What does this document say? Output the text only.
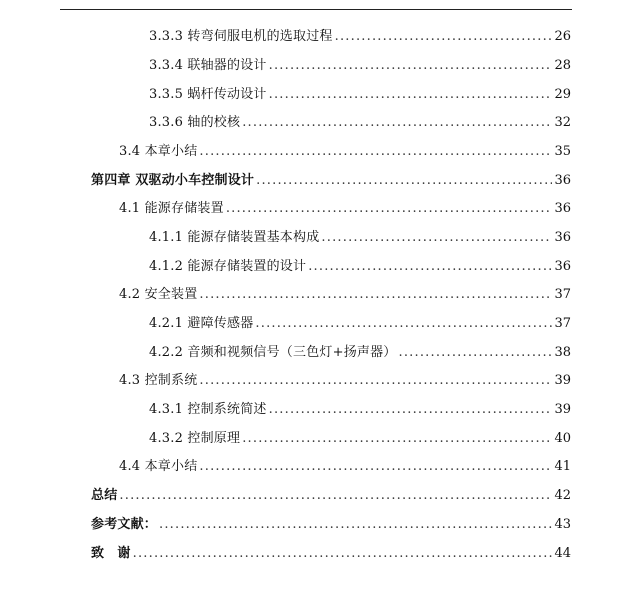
3.3.3 转弯伺服电机的选取过程 .....	26
3.3.4 联轴器的设计 .....	28
3.3.5 蜗杆传动设计 .....	29
3.3.6 轴的校核 .....	32
3.4 本章小结 .....	35
第四章 双驱动小车控制设计 .....	36
4.1 能源存储装置 .....	36
4.1.1 能源存储装置基本构成 .....	36
4.1.2 能源存储装置的设计 .....	36
4.2 安全装置 .....	37
4.2.1 避障传感器 .....	37
4.2.2 音频和视频信号（三色灯+扬声器） .....	38
4.3 控制系统 .....	39
4.3.1 控制系统简述 .....	39
4.3.2 控制原理 .....	40
4.4 本章小结 .....	41
总结 .....	42
参考文献： .....	43
致　谢 .....	44
